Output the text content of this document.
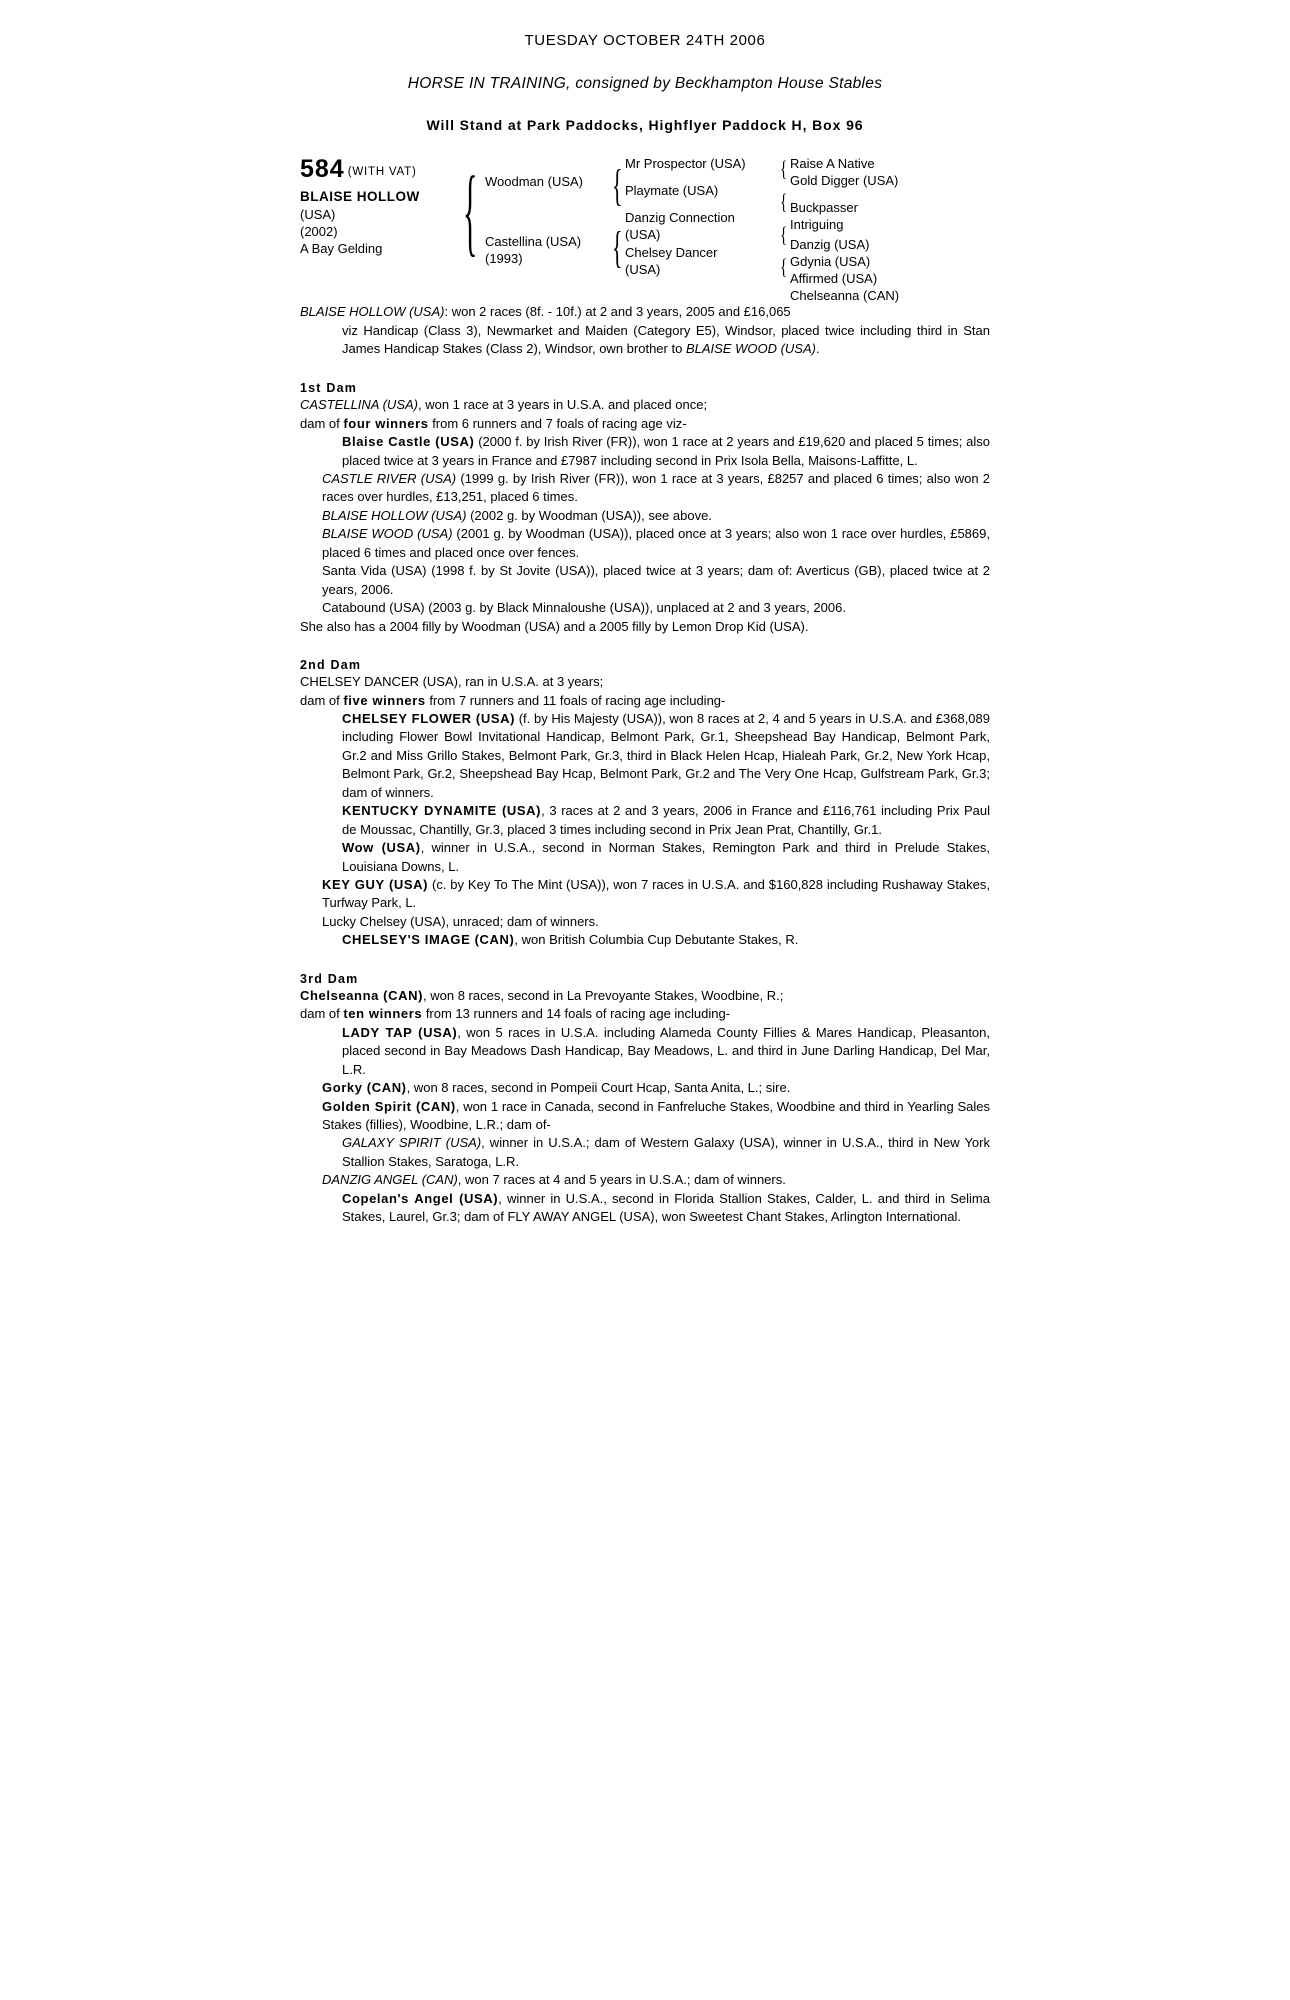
TUESDAY OCTOBER 24TH 2006
HORSE IN TRAINING, consigned by Beckhampton House Stables
Will Stand at Park Paddocks, Highflyer Paddock H, Box 96
584 (WITH VAT)
BLAISE HOLLOW
(USA)
(2002)
A Bay Gelding	{ Woodman (USA)
Castellina (USA)
(1993)
{
{
Mr Prospector (USA)

Playmate (USA)
Danzig Connection
(USA)
Chelsey Dancer
(USA)
{
{
{
{
Raise A Native
Gold Digger (USA)

Buckpasser
Intriguing

Danzig (USA)
Gdynia (USA)
Affirmed (USA)
Chelseanna (CAN)
BLAISE HOLLOW (USA): won 2 races (8f. - 10f.) at 2 and 3 years, 2005 and £16,065
viz Handicap (Class 3), Newmarket and Maiden (Category E5), Windsor, placed twice including third in Stan James Handicap Stakes (Class 2), Windsor, own brother to BLAISE WOOD (USA).
1st Dam
CASTELLINA (USA), won 1 race at 3 years in U.S.A. and placed once;
dam of four winners from 6 runners and 7 foals of racing age viz-
Blaise Castle (USA) (2000 f. by Irish River (FR)), won 1 race at 2 years and £19,620 and placed 5 times; also placed twice at 3 years in France and £7987 including second in Prix Isola Bella, Maisons-Laffitte, L.
CASTLE RIVER (USA) (1999 g. by Irish River (FR)), won 1 race at 3 years, £8257 and placed 6 times; also won 2 races over hurdles, £13,251, placed 6 times.
BLAISE HOLLOW (USA) (2002 g. by Woodman (USA)), see above.
BLAISE WOOD (USA) (2001 g. by Woodman (USA)), placed once at 3 years; also won 1 race over hurdles, £5869, placed 6 times and placed once over fences.
Santa Vida (USA) (1998 f. by St Jovite (USA)), placed twice at 3 years; dam of: Averticus (GB), placed twice at 2 years, 2006.
Catabound (USA) (2003 g. by Black Minnaloushe (USA)), unplaced at 2 and 3 years, 2006.
She also has a 2004 filly by Woodman (USA) and a 2005 filly by Lemon Drop Kid (USA).
2nd Dam
CHELSEY DANCER (USA), ran in U.S.A. at 3 years;
dam of five winners from 7 runners and 11 foals of racing age including-
CHELSEY FLOWER (USA) (f. by His Majesty (USA)), won 8 races at 2, 4 and 5 years in U.S.A. and £368,089 including Flower Bowl Invitational Handicap, Belmont Park, Gr.1, Sheepshead Bay Handicap, Belmont Park, Gr.2 and Miss Grillo Stakes, Belmont Park, Gr.3, third in Black Helen Hcap, Hialeah Park, Gr.2, New York Hcap, Belmont Park, Gr.2, Sheepshead Bay Hcap, Belmont Park, Gr.2 and The Very One Hcap, Gulfstream Park, Gr.3; dam of winners.
KENTUCKY DYNAMITE (USA), 3 races at 2 and 3 years, 2006 in France and £116,761 including Prix Paul de Moussac, Chantilly, Gr.3, placed 3 times including second in Prix Jean Prat, Chantilly, Gr.1.
Wow (USA), winner in U.S.A., second in Norman Stakes, Remington Park and third in Prelude Stakes, Louisiana Downs, L.
KEY GUY (USA) (c. by Key To The Mint (USA)), won 7 races in U.S.A. and $160,828 including Rushaway Stakes, Turfway Park, L.
Lucky Chelsey (USA), unraced; dam of winners.
CHELSEY'S IMAGE (CAN), won British Columbia Cup Debutante Stakes, R.
3rd Dam
Chelseanna (CAN), won 8 races, second in La Prevoyante Stakes, Woodbine, R.;
dam of ten winners from 13 runners and 14 foals of racing age including-
LADY TAP (USA), won 5 races in U.S.A. including Alameda County Fillies & Mares Handicap, Pleasanton, placed second in Bay Meadows Dash Handicap, Bay Meadows, L. and third in June Darling Handicap, Del Mar, L.R.
Gorky (CAN), won 8 races, second in Pompeii Court Hcap, Santa Anita, L.; sire.
Golden Spirit (CAN), won 1 race in Canada, second in Fanfreluche Stakes, Woodbine and third in Yearling Sales Stakes (fillies), Woodbine, L.R.; dam of-
GALAXY SPIRIT (USA), winner in U.S.A.; dam of Western Galaxy (USA), winner in U.S.A., third in New York Stallion Stakes, Saratoga, L.R.
DANZIG ANGEL (CAN), won 7 races at 4 and 5 years in U.S.A.; dam of winners.
Copelan's Angel (USA), winner in U.S.A., second in Florida Stallion Stakes, Calder, L. and third in Selima Stakes, Laurel, Gr.3; dam of FLY AWAY ANGEL (USA), won Sweetest Chant Stakes, Arlington International.
